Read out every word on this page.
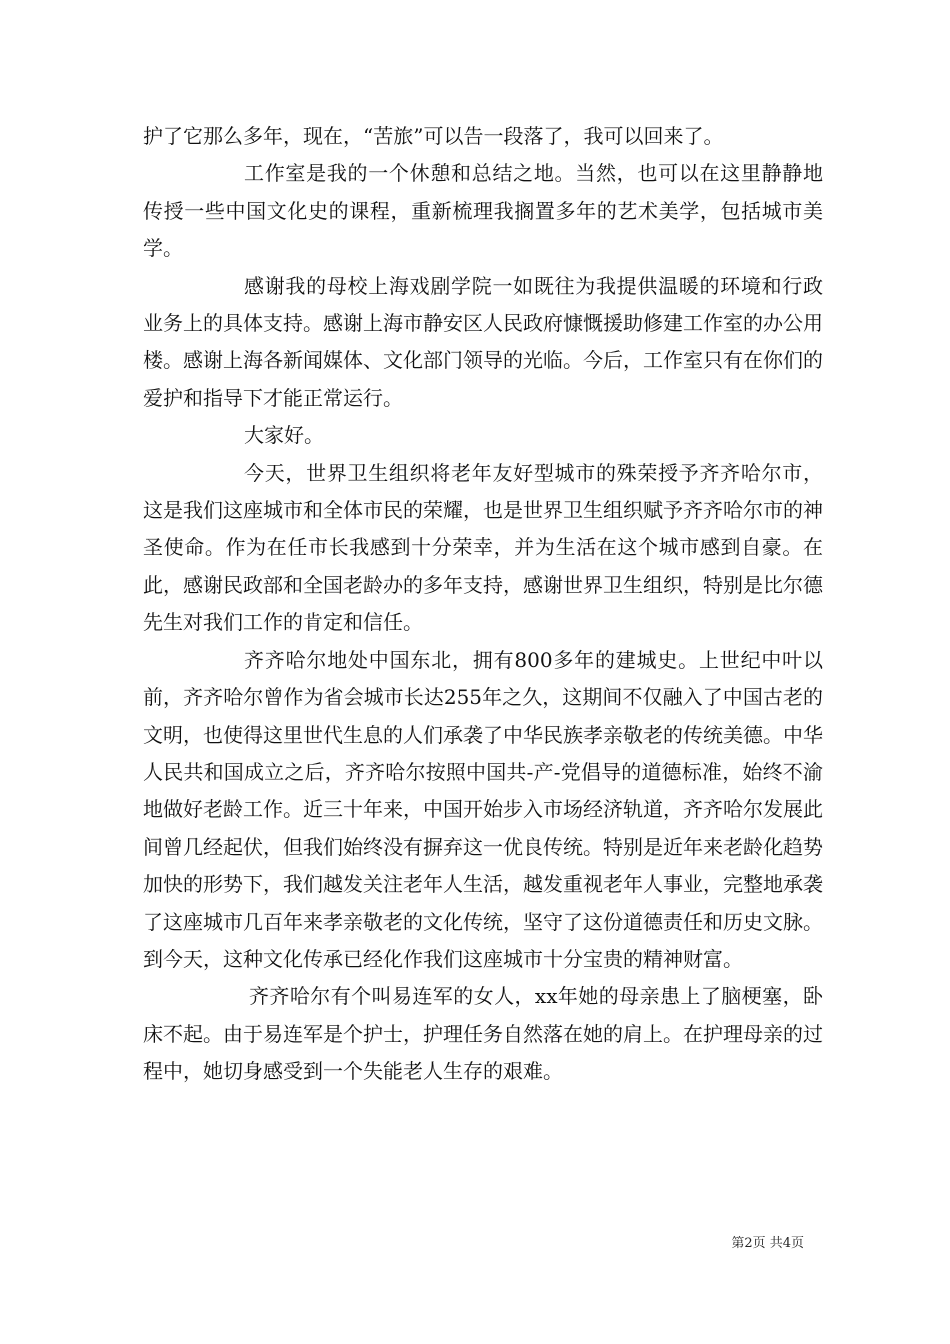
护了它那么多年，现在，“苦旅”可以告一段落了，我可以回来了。

工作室是我的一个休憩和总结之地。当然，也可以在这里静静地传授一些中国文化史的课程，重新梳理我搁置多年的艺术美学，包括城市美学。

感谢我的母校上海戏剧学院一如既往为我提供温暖的环境和行政业务上的具体支持。感谢上海市静安区人民政府慷慨援助修建工作室的办公用楼。感谢上海各新闻媒体、文化部门领导的光临。今后，工作室只有在你们的爱护和指导下才能正常运行。

大家好。

今天，世界卫生组织将老年友好型城市的殊荣授予齐齐哈尔市，这是我们这座城市和全体市民的荣耀，也是世界卫生组织赋予齐齐哈尔市的神圣使命。作为在任市长我感到十分荣幸，并为生活在这个城市感到自豪。在此，感谢民政部和全国老龄办的多年支持，感谢世界卫生组织，特别是比尔德先生对我们工作的肯定和信任。

齐齐哈尔地处中国东北，拥有800多年的建城史。上世纪中叶以前，齐齐哈尔曾作为省会城市长达255年之久，这期间不仅融入了中国古老的文明，也使得这里世代生息的人们承袭了中华民族孝亲敬老的传统美德。中华人民共和国成立之后，齐齐哈尔按照中国共-产-党倡导的道德标准，始终不渝地做好老龄工作。近三十年来，中国开始步入市场经济轨道，齐齐哈尔发展此间曾几经起伏，但我们始终没有摒弃这一优良传统。特别是近年来老龄化趋势加快的形势下，我们越发关注老年人生活，越发重视老年人事业，完整地承袭了这座城市几百年来孝亲敬老的文化传统，坚守了这份道德责任和历史文脉。到今天，这种文化传承已经化作我们这座城市十分宝贵的精神财富。

齐齐哈尔有个叫易连军的女人，xx年她的母亲患上了脑梗塞，卧床不起。由于易连军是个护士，护理任务自然落在她的肩上。在护理母亲的过程中，她切身感受到一个失能老人生存的艰难。

第2页 共4页
